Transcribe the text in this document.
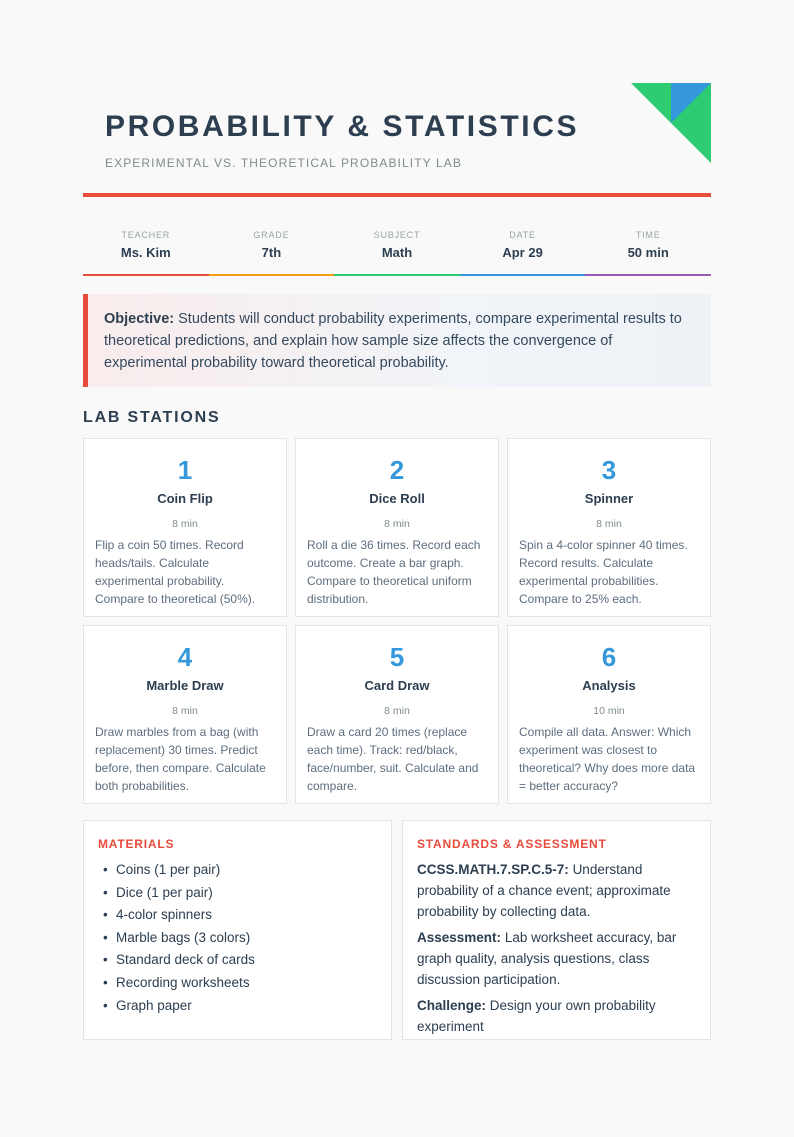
PROBABILITY & STATISTICS
EXPERIMENTAL VS. THEORETICAL PROBABILITY LAB
TEACHER
Ms. Kim
GRADE
7th
SUBJECT
Math
DATE
Apr 29
TIME
50 min
Objective: Students will conduct probability experiments, compare experimental results to theoretical predictions, and explain how sample size affects the convergence of experimental probability toward theoretical probability.
LAB STATIONS
1
Coin Flip
8 min
Flip a coin 50 times. Record heads/tails. Calculate experimental probability. Compare to theoretical (50%).
2
Dice Roll
8 min
Roll a die 36 times. Record each outcome. Create a bar graph. Compare to theoretical uniform distribution.
3
Spinner
8 min
Spin a 4-color spinner 40 times. Record results. Calculate experimental probabilities. Compare to 25% each.
4
Marble Draw
8 min
Draw marbles from a bag (with replacement) 30 times. Predict before, then compare. Calculate both probabilities.
5
Card Draw
8 min
Draw a card 20 times (replace each time). Track: red/black, face/number, suit. Calculate and compare.
6
Analysis
10 min
Compile all data. Answer: Which experiment was closest to theoretical? Why does more data = better accuracy?
MATERIALS
• Coins (1 per pair)
• Dice (1 per pair)
• 4-color spinners
• Marble bags (3 colors)
• Standard deck of cards
• Recording worksheets
• Graph paper
STANDARDS & ASSESSMENT

CCSS.MATH.7.SP.C.5-7: Understand probability of a chance event; approximate probability by collecting data.

Assessment: Lab worksheet accuracy, bar graph quality, analysis questions, class discussion participation.

Challenge: Design your own probability experiment
